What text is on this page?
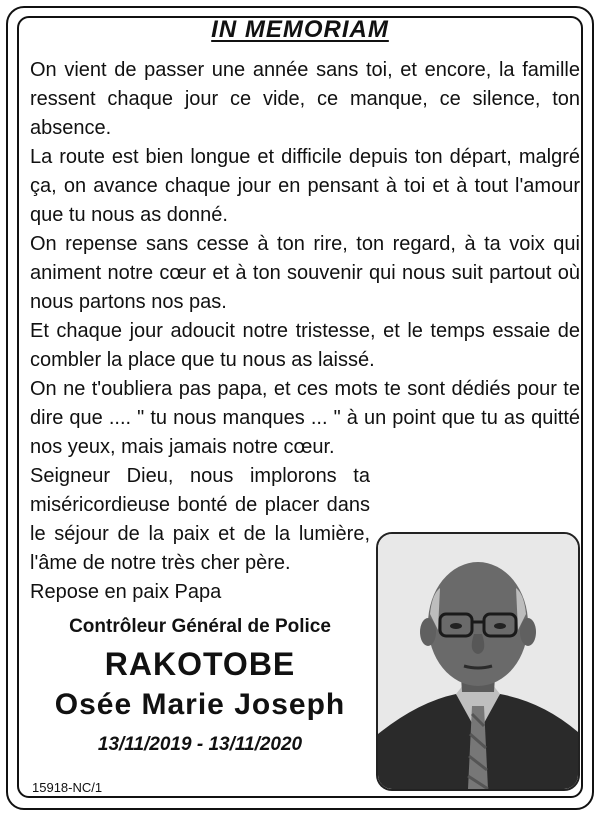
IN MEMORIAM

On vient de passer une année sans toi, et encore, la famille ressent chaque jour ce vide, ce manque, ce silence, ton absence.

La route est bien longue et difficile depuis ton départ, malgré ça, on avance chaque jour en pensant à toi et à tout l'amour que tu nous as donné.

On repense sans cesse à ton rire, ton regard, à ta voix qui animent notre cœur et à ton souvenir qui nous suit partout où nous partons nos pas.

Et chaque jour adoucit notre tristesse, et le temps essaie de combler la place que tu nous as laissé.

On ne t'oubliera pas papa, et ces mots te sont dédiés pour te dire que .... " tu nous manques ... " à un point que tu as quitté nos yeux, mais jamais notre cœur.

Seigneur Dieu, nous implorons ta miséricordieuse bonté de placer dans le séjour de la paix et de la lumière, l'âme de notre très cher père.

Repose en paix Papa

Contrôleur Général de Police
RAKOTOBE
Osée Marie Joseph
13/11/2019 - 13/11/2020
15918-NC/1
